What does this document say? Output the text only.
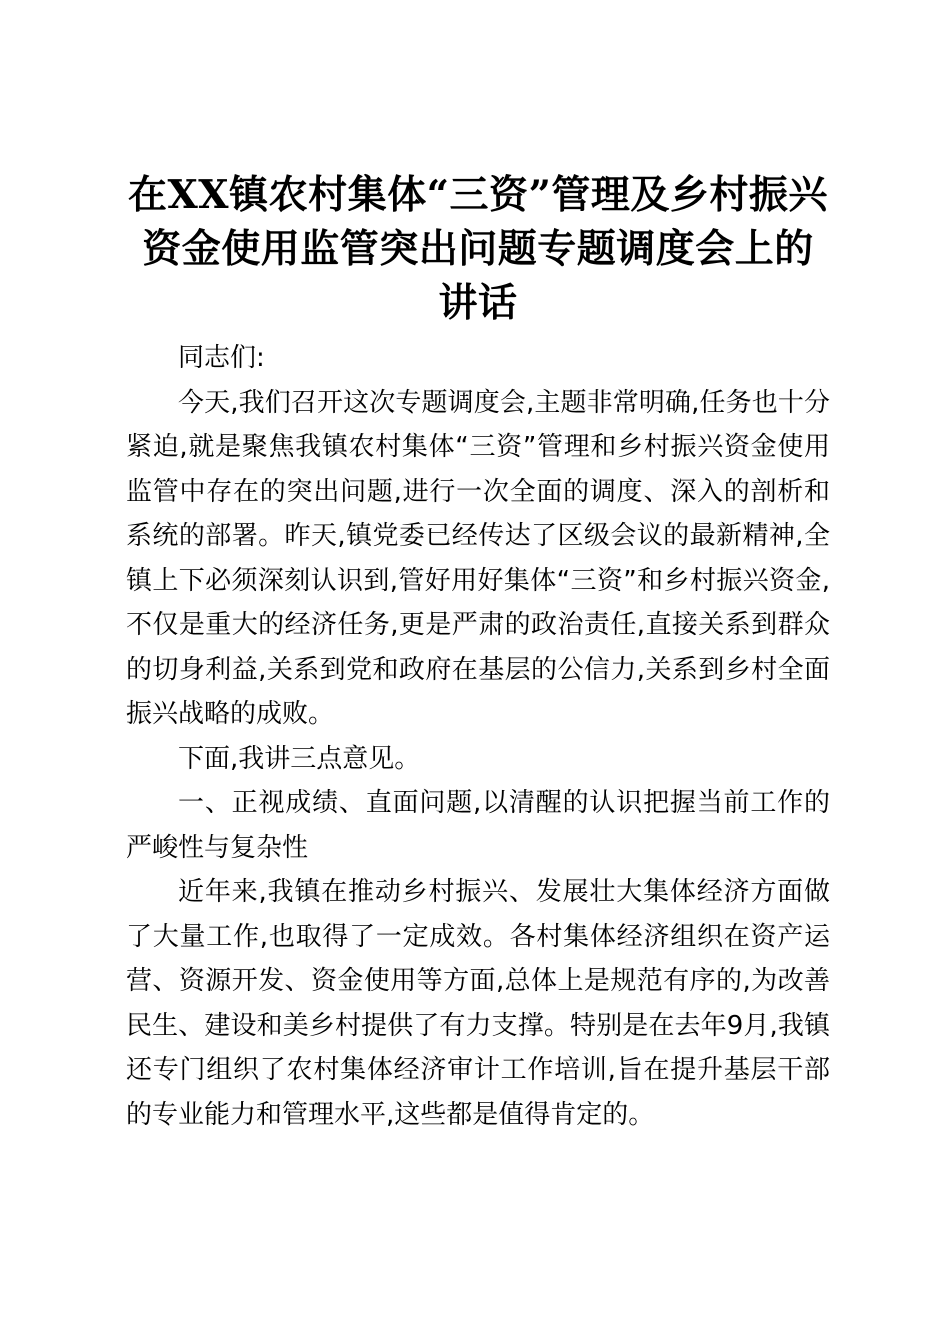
在XX镇农村集体“三资”管理及乡村振兴资金使用监管突出问题专题调度会上的讲话

同志们:

今天,我们召开这次专题调度会,主题非常明确,任务也十分紧迫,就是聚焦我镇农村集体“三资”管理和乡村振兴资金使用监管中存在的突出问题,进行一次全面的调度、深入的剖析和系统的部署。昨天,镇党委已经传达了区级会议的最新精神,全镇上下必须深刻认识到,管好用好集体“三资”和乡村振兴资金,不仅是重大的经济任务,更是严肃的政治责任,直接关系到群众的切身利益,关系到党和政府在基层的公信力,关系到乡村全面振兴战略的成败。

下面,我讲三点意见。

一、正视成绩、直面问题,以清醒的认识把握当前工作的严峻性与复杂性

近年来,我镇在推动乡村振兴、发展壮大集体经济方面做了大量工作,也取得了一定成效。各村集体经济组织在资产运营、资源开发、资金使用等方面,总体上是规范有序的,为改善民生、建设和美乡村提供了有力支撑。特别是在去年9月,我镇还专门组织了农村集体经济审计工作培训,旨在提升基层干部的专业能力和管理水平,这些都是值得肯定的。
